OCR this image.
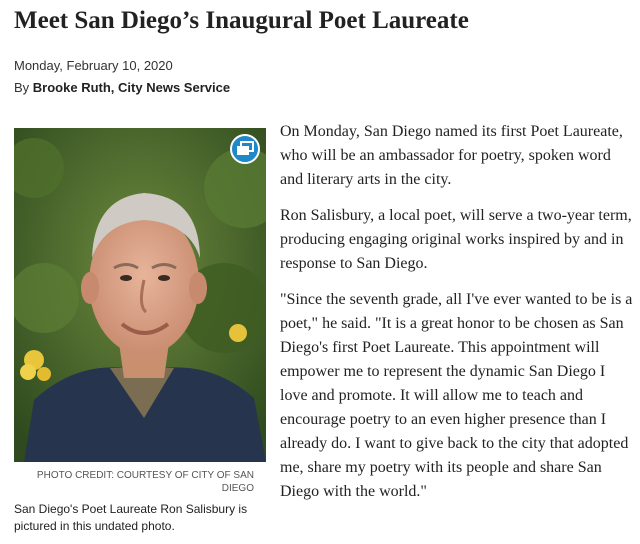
Meet San Diego’s Inaugural Poet Laureate
Monday, February 10, 2020
By Brooke Ruth, City News Service
PHOTO CREDIT: COURTESY OF CITY OF SAN DIEGO
San Diego's Poet Laureate Ron Salisbury is pictured in this undated photo.

On Monday, San Diego named its first Poet Laureate, who will be an ambassador for poetry, spoken word and literary arts in the city.

Ron Salisbury, a local poet, will serve a two-year term, producing engaging original works inspired by and in response to San Diego.

"Since the seventh grade, all I've ever wanted to be is a poet," he said. "It is a great honor to be chosen as San Diego's first Poet Laureate. This appointment will empower me to represent the dynamic San Diego I love and promote. It will allow me to teach and encourage poetry to an even higher presence than I already do. I want to give back to the city that adopted me, share my poetry with its people and share San Diego with the world."
